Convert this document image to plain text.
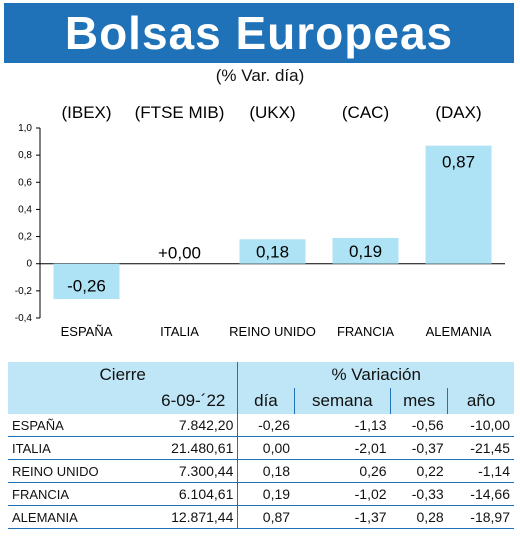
Bolsas Europeas
(% Var. día)
1,0
0,8
0,6
0,4
0,2
0
-0,2
-0,4
(IBEX)
-0,26
ESPAÑA
(FTSE MIB)
+0,00
ITALIA
(UKX)
0,18
REINO UNIDO
(CAC)
0,19
FRANCIA
(DAX)
0,87
ALEMANIA
Cierre		% Variación			
6-09-´22		día	semana	mes	año
ESPAÑA	7.842,20	-0,26	-1,13	-0,56	-10,00
ITALIA	21.480,61	0,00	-2,01	-0,37	-21,45
REINO UNIDO	7.300,44	0,18	0,26	0,22	-1,14
FRANCIA	6.104,61	0,19	-1,02	-0,33	-14,66
ALEMANIA	12.871,44	0,87	-1,37	0,28	-18,97
